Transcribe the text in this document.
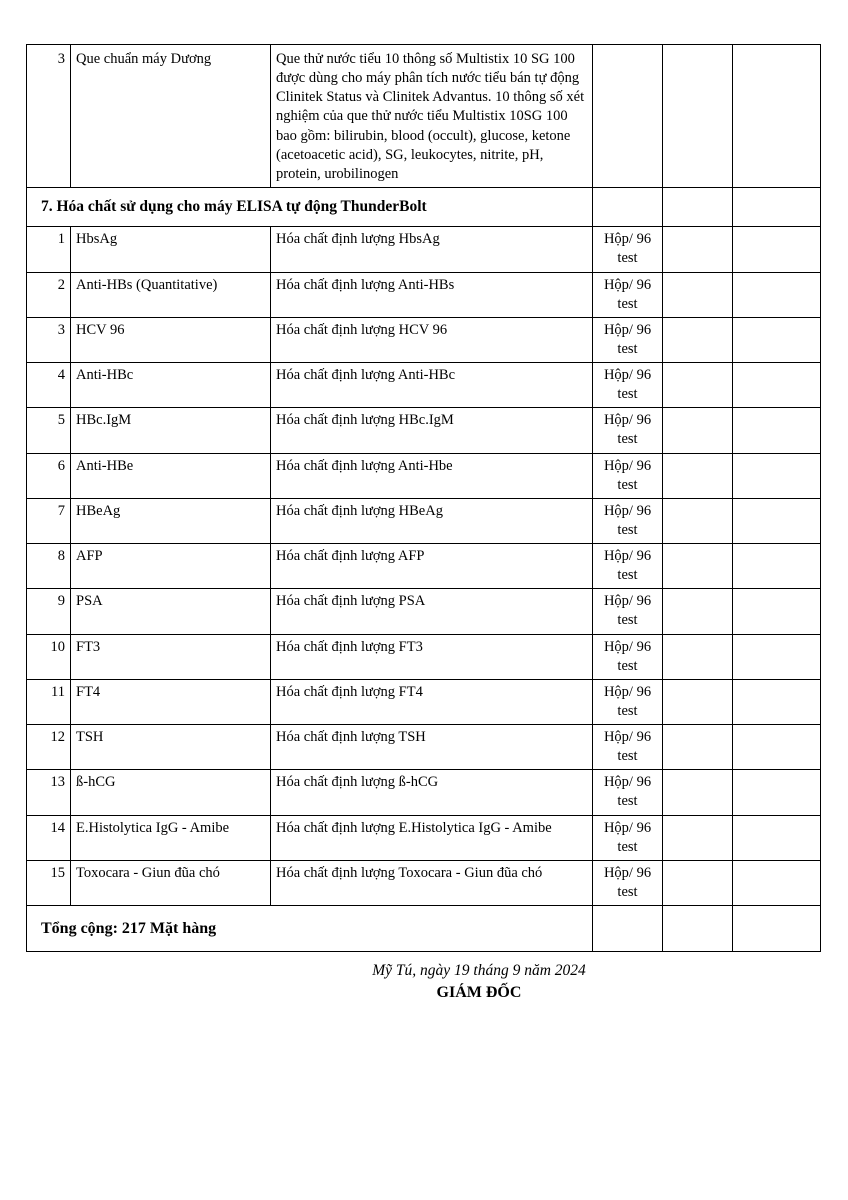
3	Que chuẩn máy Dương	Que thử nước tiểu 10 thông số Multistix 10 SG 100 được dùng cho máy phân tích nước tiểu bán tự động Clinitek Status và Clinitek Advantus. 10 thông số xét nghiệm của que thử nước tiểu Multistix 10SG 100 bao gồm: bilirubin, blood (occult), glucose, ketone (acetoacetic acid), SG, leukocytes, nitrite, pH, protein, urobilinogen			
7. Hóa chất sử dụng cho máy ELISA tự động ThunderBolt					
1	HbsAg	Hóa chất định lượng HbsAg	Hộp/ 96 test		
2	Anti-HBs (Quantitative)	Hóa chất định lượng Anti-HBs	Hộp/ 96 test		
3	HCV 96	Hóa chất định lượng HCV 96	Hộp/ 96 test		
4	Anti-HBc	Hóa chất định lượng Anti-HBc	Hộp/ 96 test		
5	HBc.IgM	Hóa chất định lượng HBc.IgM	Hộp/ 96 test		
6	Anti-HBe	Hóa chất định lượng Anti-Hbe	Hộp/ 96 test		
7	HBeAg	Hóa chất định lượng HBeAg	Hộp/ 96 test		
8	AFP	Hóa chất định lượng AFP	Hộp/ 96 test		
9	PSA	Hóa chất định lượng PSA	Hộp/ 96 test		
10	FT3	Hóa chất định lượng FT3	Hộp/ 96 test		
11	FT4	Hóa chất định lượng FT4	Hộp/ 96 test		
12	TSH	Hóa chất định lượng TSH	Hộp/ 96 test		
13	ß-hCG	Hóa chất định lượng ß-hCG	Hộp/ 96 test		
14	E.Histolytica IgG - Amibe	Hóa chất định lượng E.Histolytica IgG - Amibe	Hộp/ 96 test		
15	Toxocara - Giun đũa chó	Hóa chất định lượng Toxocara - Giun đũa chó	Hộp/ 96 test		
Tổng cộng: 217 Mặt hàng					
Mỹ Tú, ngày 19 tháng 9 năm 2024
GIÁM ĐỐC
